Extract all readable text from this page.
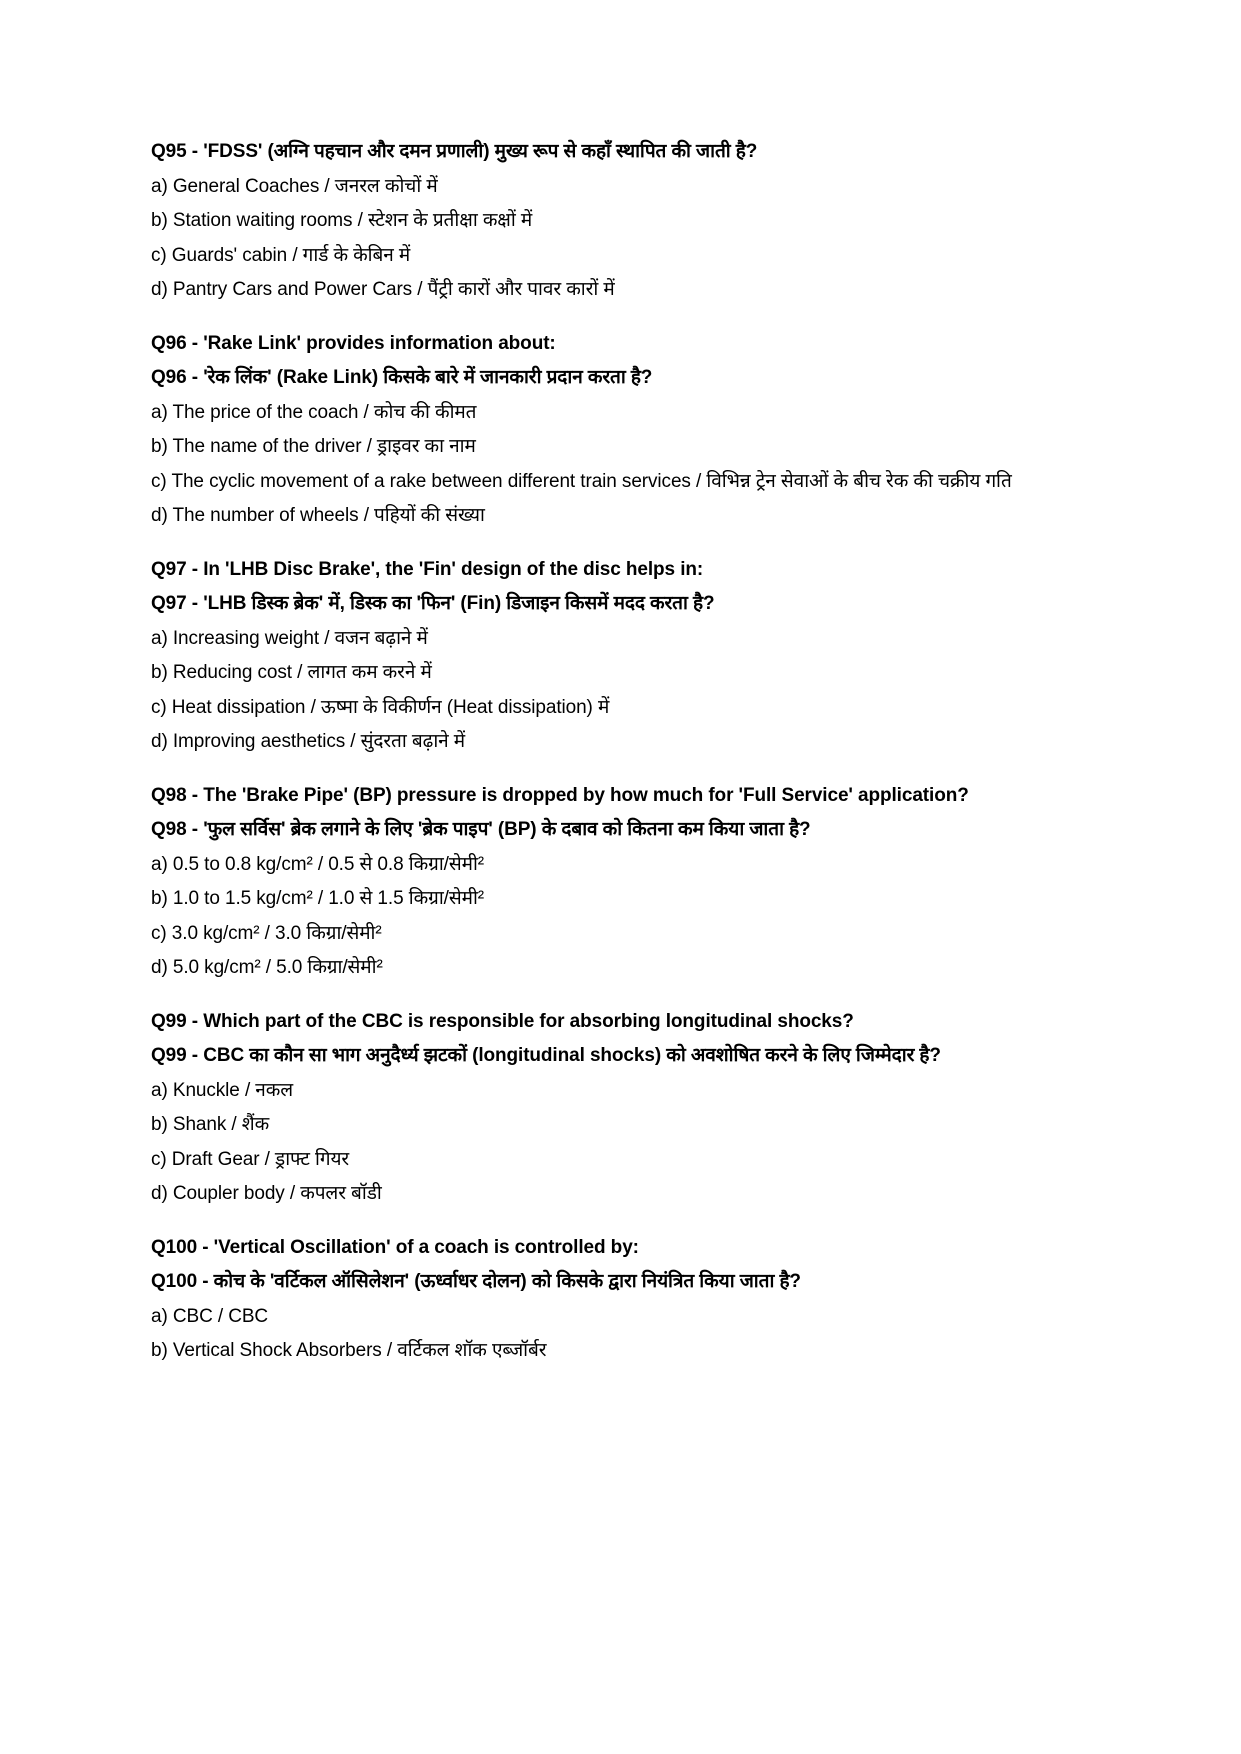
Q95 - 'FDSS' (अग्नि पहचान और दमन प्रणाली) मुख्य रूप से कहाँ स्थापित की जाती है?
a) General Coaches / जनरल कोचों में
b) Station waiting rooms / स्टेशन के प्रतीक्षा कक्षों में
c) Guards' cabin / गार्ड के केबिन में
d) Pantry Cars and Power Cars / पैंट्री कारों और पावर कारों में
Q96 - 'Rake Link' provides information about:
Q96 - 'रेक लिंक' (Rake Link) किसके बारे में जानकारी प्रदान करता है?
a) The price of the coach / कोच की कीमत
b) The name of the driver / ड्राइवर का नाम
c) The cyclic movement of a rake between different train services / विभिन्न ट्रेन सेवाओं के बीच रेक की चक्रीय गति
d) The number of wheels / पहियों की संख्या
Q97 - In 'LHB Disc Brake', the 'Fin' design of the disc helps in:
Q97 - 'LHB डिस्क ब्रेक' में, डिस्क का 'फिन' (Fin) डिजाइन किसमें मदद करता है?
a) Increasing weight / वजन बढ़ाने में
b) Reducing cost / लागत कम करने में
c) Heat dissipation / ऊष्मा के विकीर्णन (Heat dissipation) में
d) Improving aesthetics / सुंदरता बढ़ाने में
Q98 - The 'Brake Pipe' (BP) pressure is dropped by how much for 'Full Service' application?
Q98 - 'फुल सर्विस' ब्रेक लगाने के लिए 'ब्रेक पाइप' (BP) के दबाव को कितना कम किया जाता है?
a) 0.5 to 0.8 kg/cm² / 0.5 से 0.8 किग्रा/सेमी²
b) 1.0 to 1.5 kg/cm² / 1.0 से 1.5 किग्रा/सेमी²
c) 3.0 kg/cm² / 3.0 किग्रा/सेमी²
d) 5.0 kg/cm² / 5.0 किग्रा/सेमी²
Q99 - Which part of the CBC is responsible for absorbing longitudinal shocks?
Q99 - CBC का कौन सा भाग अनुदैर्ध्य झटकों (longitudinal shocks) को अवशोषित करने के लिए जिम्मेदार है?
a) Knuckle / नकल
b) Shank / शैंक
c) Draft Gear / ड्राफ्ट गियर
d) Coupler body / कपलर बॉडी
Q100 - 'Vertical Oscillation' of a coach is controlled by:
Q100 - कोच के 'वर्टिकल ऑसिलेशन' (ऊर्ध्वाधर दोलन) को किसके द्वारा नियंत्रित किया जाता है?
a) CBC / CBC
b) Vertical Shock Absorbers / वर्टिकल शॉक एब्जॉर्बर
